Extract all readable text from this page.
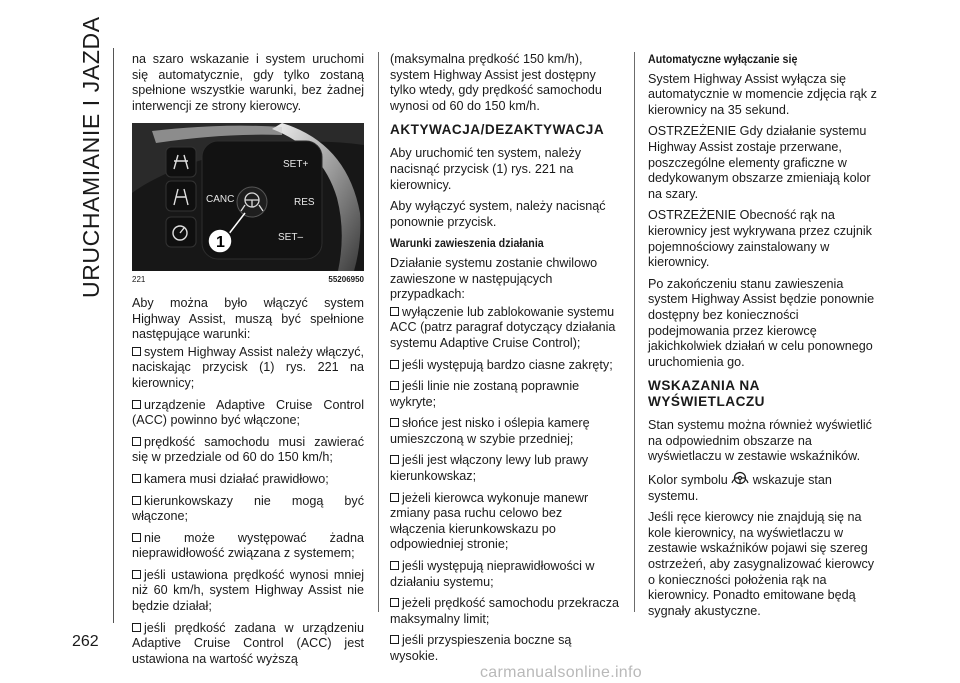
URUCHAMIANIE I JAZDA
262

na szaro wskazanie i system uruchomi się automatycznie, gdy tylko zostaną spełnione wszystkie warunki, bez żadnej interwencji ze strony kierowcy.

SET+
CANC	RES
SET–
1
221	55206950

Aby można było włączyć system Highway Assist, muszą być spełnione następujące warunki:

system Highway Assist należy włączyć, naciskając przycisk (1) rys. 221 na kierownicy;

urządzenie Adaptive Cruise Control (ACC) powinno być włączone;

prędkość samochodu musi zawierać się w przedziale od 60 do 150 km/h;

kamera musi działać prawidłowo;

kierunkowskazy nie mogą być włączone;

nie może występować żadna nieprawidłowość związana z systemem;

jeśli ustawiona prędkość wynosi mniej niż 60 km/h, system Highway Assist nie będzie działał;

jeśli prędkość zadana w urządzeniu Adaptive Cruise Control (ACC) jest ustawiona na wartość wyższą

(maksymalna prędkość 150 km/h), system Highway Assist jest dostępny tylko wtedy, gdy prędkość samochodu wynosi od 60 do 150 km/h.

AKTYWACJA/DEZAKTYWACJA

Aby uruchomić ten system, należy nacisnąć przycisk (1) rys. 221 na kierownicy.

Aby wyłączyć system, należy nacisnąć ponownie przycisk.

Warunki zawieszenia działania

Działanie systemu zostanie chwilowo zawieszone w następujących przypadkach:

wyłączenie lub zablokowanie systemu ACC (patrz paragraf dotyczący działania systemu Adaptive Cruise Control);

jeśli występują bardzo ciasne zakręty;

jeśli linie nie zostaną poprawnie wykryte;

słońce jest nisko i oślepia kamerę umieszczoną w szybie przedniej;

jeśli jest włączony lewy lub prawy kierunkowskaz;

jeżeli kierowca wykonuje manewr zmiany pasa ruchu celowo bez włączenia kierunkowskazu po odpowiedniej stronie;

jeśli występują nieprawidłowości w działaniu systemu;

jeżeli prędkość samochodu przekracza maksymalny limit;

jeśli przyspieszenia boczne są wysokie.

Automatyczne wyłączanie się

System Highway Assist wyłącza się automatycznie w momencie zdjęcia rąk z kierownicy na 35 sekund.

OSTRZEŻENIE Gdy działanie systemu Highway Assist zostaje przerwane, poszczególne elementy graficzne w dedykowanym obszarze zmieniają kolor na szary.

OSTRZEŻENIE Obecność rąk na kierownicy jest wykrywana przez czujnik pojemnościowy zainstalowany w kierownicy.

Po zakończeniu stanu zawieszenia system Highway Assist będzie ponownie dostępny bez konieczności podejmowania przez kierowcę jakichkolwiek działań w celu ponownego uruchomienia go.

WSKAZANIA NA WYŚWIETLACZU

Stan systemu można również wyświetlić na odpowiednim obszarze na wyświetlaczu w zestawie wskaźników.

Kolor symbolu wskazuje stan systemu.

Jeśli ręce kierowcy nie znajdują się na kole kierownicy, na wyświetlaczu w zestawie wskaźników pojawi się szereg ostrzeżeń, aby zasygnalizować kierowcy o konieczności położenia rąk na kierownicy. Ponadto emitowane będą sygnały akustyczne.

carmanualsonline.info
